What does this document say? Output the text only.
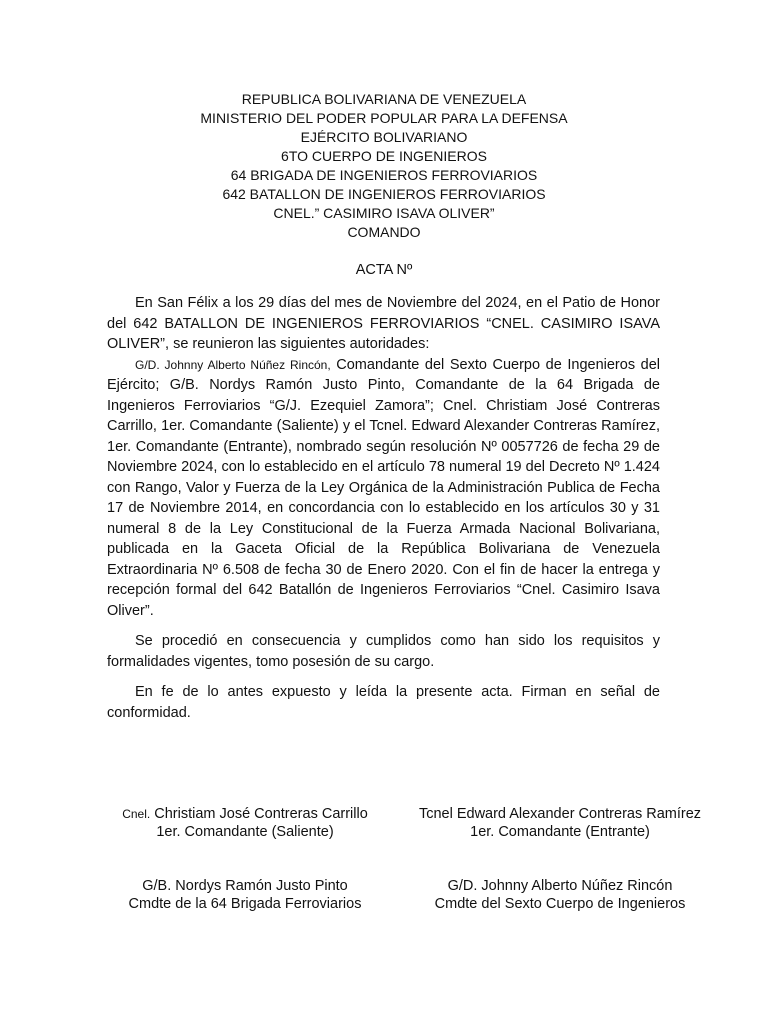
REPUBLICA BOLIVARIANA DE VENEZUELA
MINISTERIO DEL PODER POPULAR PARA LA DEFENSA
EJÉRCITO BOLIVARIANO
6TO CUERPO DE INGENIEROS
64 BRIGADA DE INGENIEROS FERROVIARIOS
642 BATALLON DE INGENIEROS FERROVIARIOS
CNEL.” CASIMIRO ISAVA OLIVER”
COMANDO
ACTA Nº

En San Félix a los 29 días del mes de Noviembre del 2024, en el Patio de Honor del 642 BATALLON DE INGENIEROS FERROVIARIOS “CNEL. CASIMIRO ISAVA OLIVER”, se reunieron las siguientes autoridades:

G/D. Johnny Alberto Núñez Rincón, Comandante del Sexto Cuerpo de Ingenieros del Ejército; G/B. Nordys Ramón Justo Pinto, Comandante de la 64 Brigada de Ingenieros Ferroviarios “G/J. Ezequiel Zamora”; Cnel. Christiam José Contreras Carrillo, 1er. Comandante (Saliente) y el Tcnel. Edward Alexander Contreras Ramírez, 1er. Comandante (Entrante), nombrado según resolución Nº 0057726 de fecha 29 de Noviembre 2024, con lo establecido en el artículo 78 numeral 19 del Decreto Nº 1.424 con Rango, Valor y Fuerza de la Ley Orgánica de la Administración Publica de Fecha 17 de Noviembre 2014, en concordancia con lo establecido en los artículos 30 y 31 numeral 8 de la Ley Constitucional de la Fuerza Armada Nacional Bolivariana, publicada en la Gaceta Oficial de la República Bolivariana de Venezuela Extraordinaria Nº 6.508 de fecha 30 de Enero 2020. Con el fin de hacer la entrega y recepción formal del 642 Batallón de Ingenieros Ferroviarios “Cnel. Casimiro Isava Oliver”.

Se procedió en consecuencia y cumplidos como han sido los requisitos y formalidades vigentes, tomo posesión de su cargo.

En fe de lo antes expuesto y leída la presente acta. Firman en señal de conformidad.

Cnel. Christiam José Contreras Carrillo
1er. Comandante (Saliente)
Tcnel Edward Alexander Contreras Ramírez
1er. Comandante (Entrante)
G/B. Nordys Ramón Justo Pinto
Cmdte de la 64 Brigada Ferroviarios
G/D. Johnny Alberto Núñez Rincón
Cmdte del Sexto Cuerpo de Ingenieros
